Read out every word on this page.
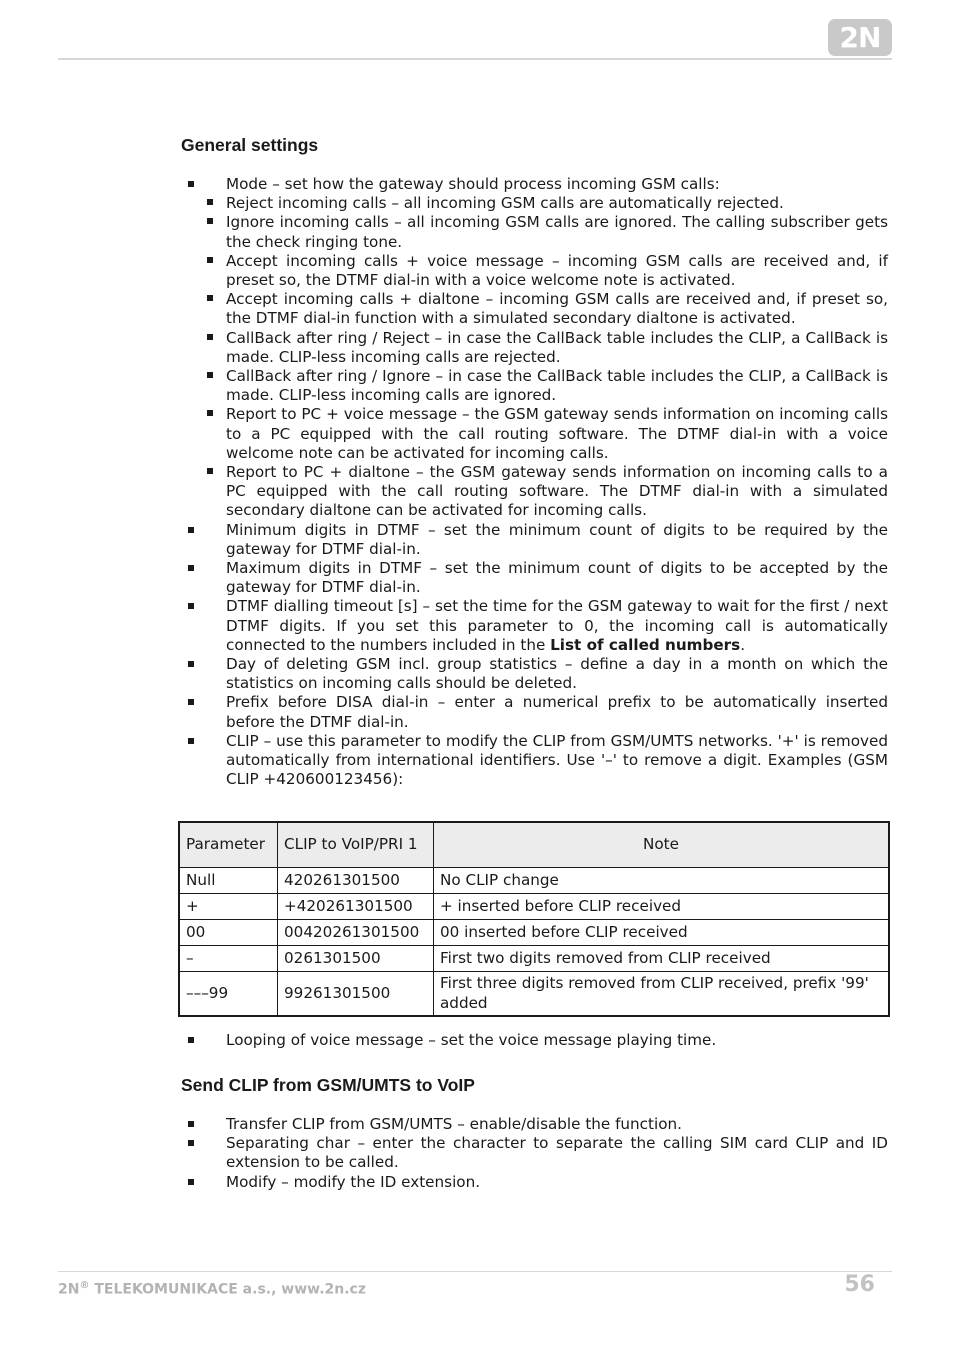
2N
General settings
Mode – set how the gateway should process incoming GSM calls:
Reject incoming calls – all incoming GSM calls are automatically rejected.
Ignore incoming calls – all incoming GSM calls are ignored. The calling subscriber gets the check ringing tone.
Accept incoming calls + voice message – incoming GSM calls are received and, if preset so, the DTMF dial-in with a voice welcome note is activated.
Accept incoming calls + dialtone – incoming GSM calls are received and, if preset so, the DTMF dial-in function with a simulated secondary dialtone is activated.
CallBack after ring / Reject – in case the CallBack table includes the CLIP, a CallBack is made. CLIP-less incoming calls are rejected.
CallBack after ring / Ignore – in case the CallBack table includes the CLIP, a CallBack is made. CLIP-less incoming calls are ignored.
Report to PC + voice message – the GSM gateway sends information on incoming calls to a PC equipped with the call routing software. The DTMF dial-in with a voice welcome note can be activated for incoming calls.
Report to PC + dialtone – the GSM gateway sends information on incoming calls to a PC equipped with the call routing software. The DTMF dial-in with a simulated secondary dialtone can be activated for incoming calls.
Minimum digits in DTMF – set the minimum count of digits to be required by the gateway for DTMF dial-in.
Maximum digits in DTMF – set the minimum count of digits to be accepted by the gateway for DTMF dial-in.
DTMF dialling timeout [s] – set the time for the GSM gateway to wait for the first / next DTMF digits. If you set this parameter to 0, the incoming call is automatically connected to the numbers included in the List of called numbers.
Day of deleting GSM incl. group statistics – define a day in a month on which the statistics on incoming calls should be deleted.
Prefix before DISA dial-in – enter a numerical prefix to be automatically inserted before the DTMF dial-in.
CLIP – use this parameter to modify the CLIP from GSM/UMTS networks. '+' is removed automatically from international identifiers. Use '–' to remove a digit. Examples (GSM CLIP +420600123456):
Parameter	CLIP to VoIP/PRI 1	Note
Null	420261301500	No CLIP change
+	+420261301500	+ inserted before CLIP received
00	00420261301500	00 inserted before CLIP received
–	0261301500	First two digits removed from CLIP received
–––99	99261301500	First three digits removed from CLIP received, prefix '99' added
Looping of voice message – set the voice message playing time.
Send CLIP from GSM/UMTS to VoIP
Transfer CLIP from GSM/UMTS – enable/disable the function.
Separating char – enter the character to separate the calling SIM card CLIP and ID extension to be called.
Modify – modify the ID extension.
2N® TELEKOMUNIKACE a.s., www.2n.cz	56
